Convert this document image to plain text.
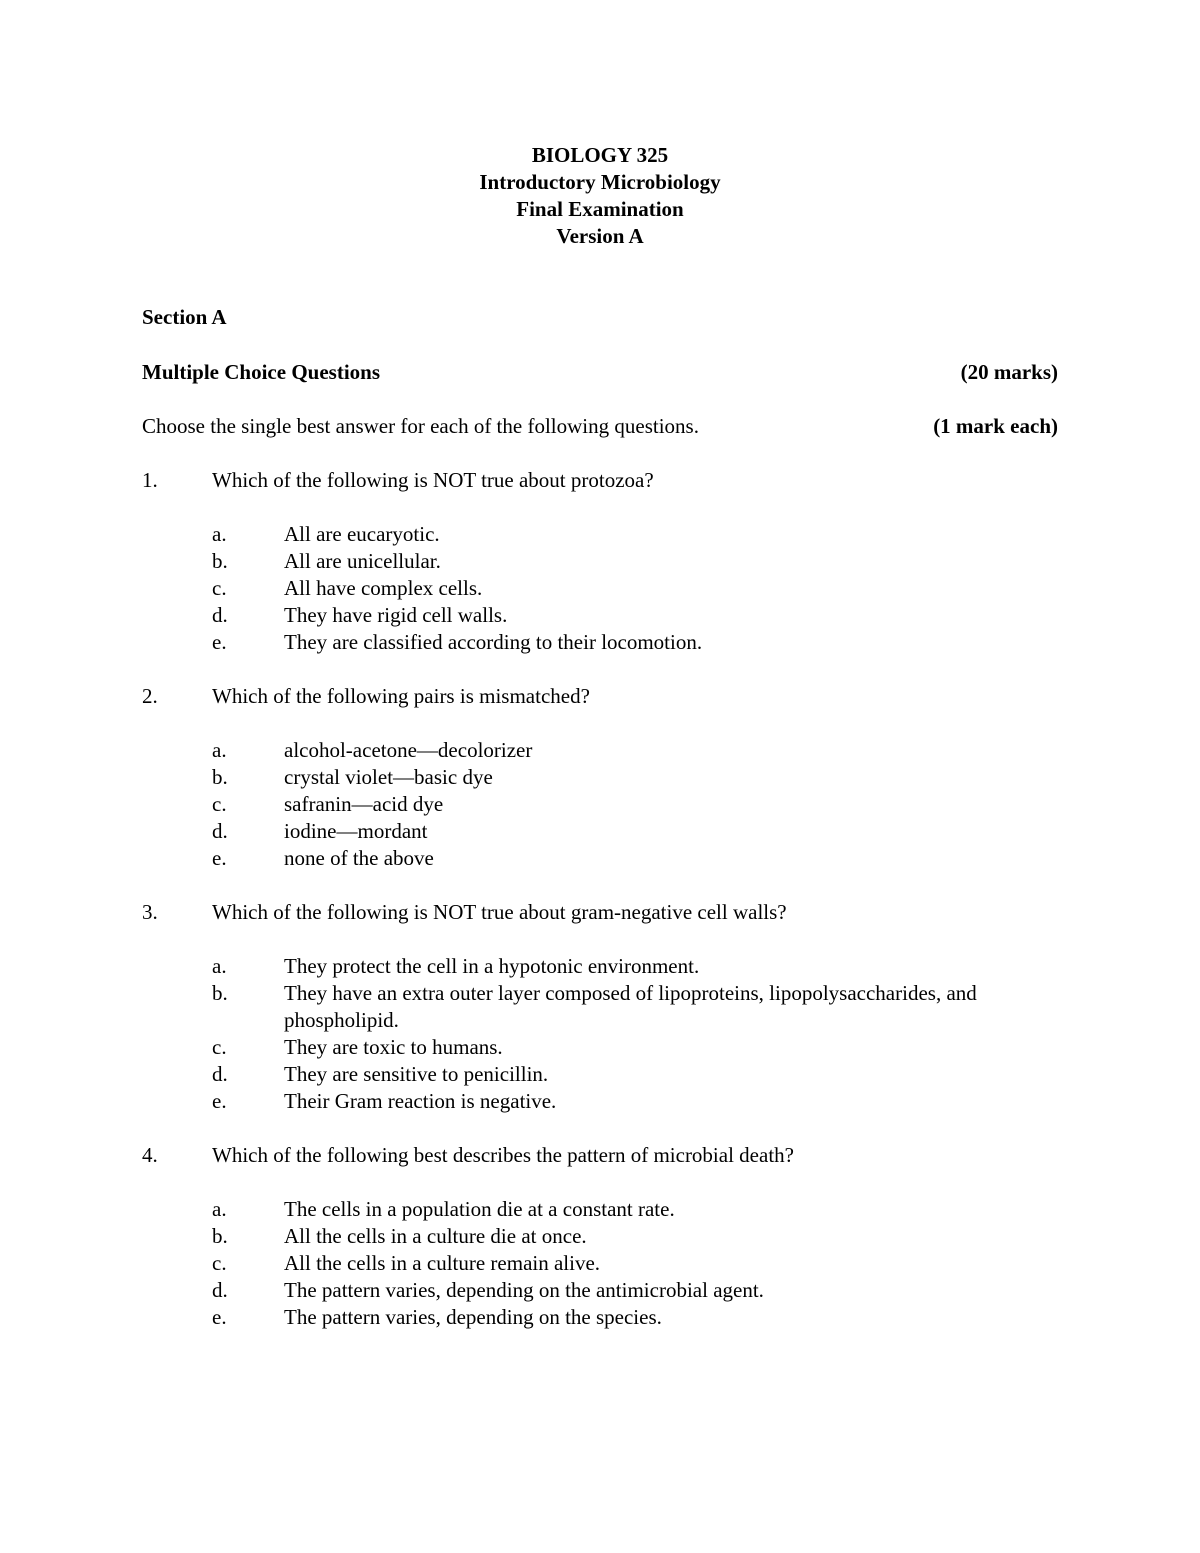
BIOLOGY 325
Introductory Microbiology
Final Examination
Version A
Section A
Multiple Choice Questions	(20 marks)
Choose the single best answer for each of the following questions.	(1 mark each)
1.	Which of the following is NOT true about protozoa?
a.	All are eucaryotic.
b.	All are unicellular.
c.	All have complex cells.
d.	They have rigid cell walls.
e.	They are classified according to their locomotion.
2.	Which of the following pairs is mismatched?
a.	alcohol-acetone—decolorizer
b.	crystal violet—basic dye
c.	safranin—acid dye
d.	iodine—mordant
e.	none of the above
3.	Which of the following is NOT true about gram-negative cell walls?
a.	They protect the cell in a hypotonic environment.
b.	They have an extra outer layer composed of lipoproteins, lipopolysaccharides, and phospholipid.
c.	They are toxic to humans.
d.	They are sensitive to penicillin.
e.	Their Gram reaction is negative.
4.	Which of the following best describes the pattern of microbial death?
a.	The cells in a population die at a constant rate.
b.	All the cells in a culture die at once.
c.	All the cells in a culture remain alive.
d.	The pattern varies, depending on the antimicrobial agent.
e.	The pattern varies, depending on the species.
